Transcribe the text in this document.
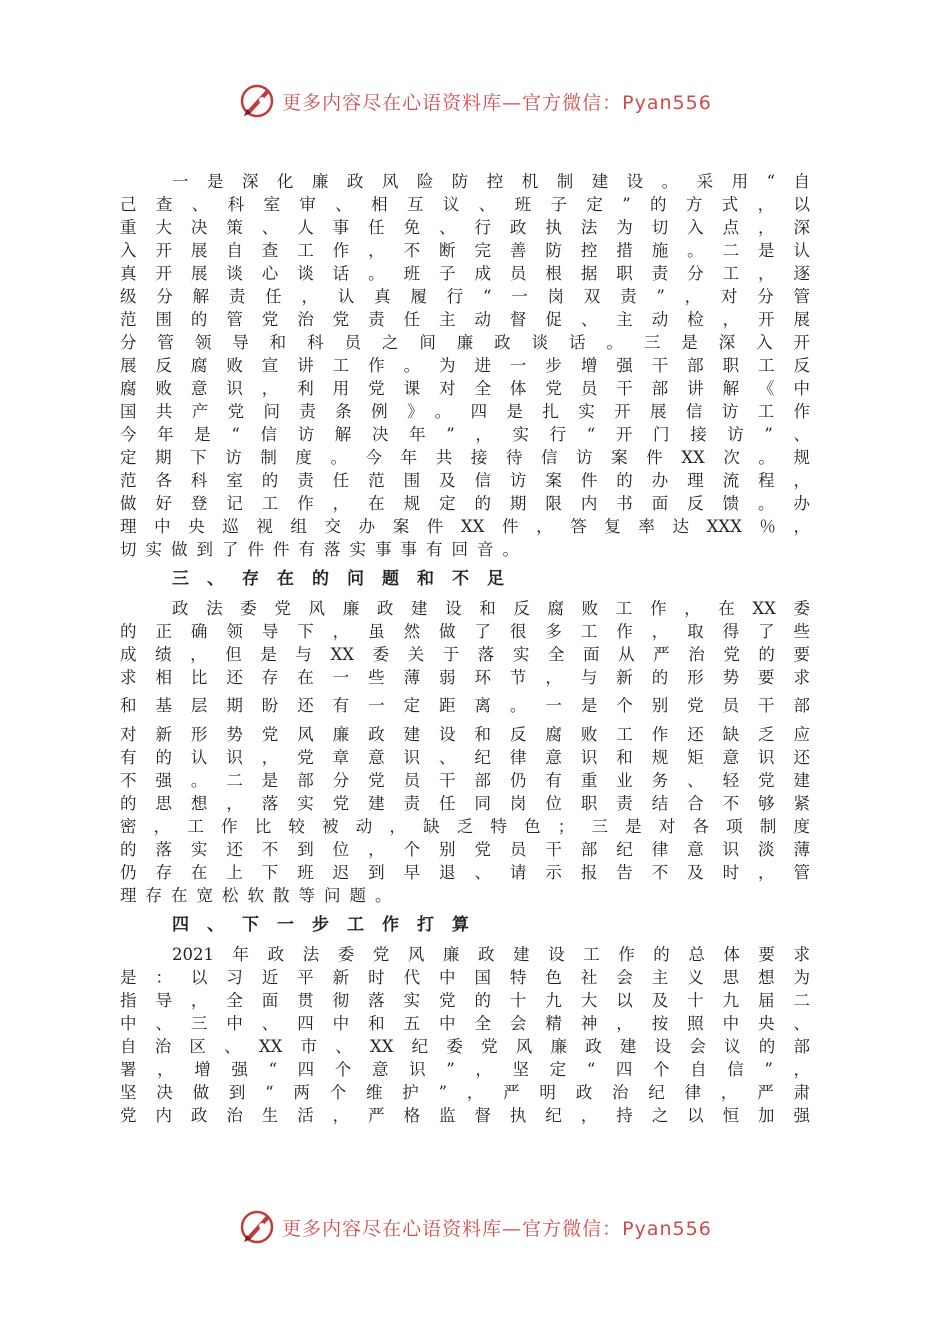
更多内容尽在心语资料库—官方微信：Pyan556
一是深化廉政风险防控机制建设。采用“自
己查、科室审、相互议、班子定”的方式，以
重大决策、人事任免、行政执法为切入点，深
入开展自查工作，不断完善防控措施。二是认
真开展谈心谈话。班子成员根据职责分工，逐
级分解责任，认真履行“一岗双责”，对分管
范围的管党治党责任主动督促、主动检，开展
分管领导和科员之间廉政谈话。三是深入开
展反腐败宣讲工作。为进一步增强干部职工反
腐败意识，利用党课对全体党员干部讲解《中
国共产党问责条例》。四是扎实开展信访工作
今年是“信访解决年”，实行“开门接访”、
定期下访制度。今年共接待信访案件XX次。规
范各科室的责任范围及信访案件的办理流程，
做好登记工作，在规定的期限内书面反馈。办
理中央巡视组交办案件XX件，答复率达XXX％，
切实做到了件件有落实事事有回音。
三、存在的问题和不足
政法委党风廉政建设和反腐败工作，在XX委
的正确领导下，虽然做了很多工作，取得了些
成绩，但是与XX委关于落实全面从严治党的要
求相比还存在一些薄弱环节，与新的形势要求
和基层期盼还有一定距离。一是个别党员干部
对新形势党风廉政建设和反腐败工作还缺乏应
有的认识，党章意识、纪律意识和规矩意识还
不强。二是部分党员干部仍有重业务、轻党建
的思想，落实党建责任同岗位职责结合不够紧
密，工作比较被动，缺乏特色；三是对各项制度
的落实还不到位，个别党员干部纪律意识淡薄
仍存在上下班迟到早退、请示报告不及时，管
理存在宽松软散等问题。
四、下一步工作打算
2021年政法委党风廉政建设工作的总体要求
是：以习近平新时代中国特色社会主义思想为
指导，全面贯彻落实党的十九大以及十九届二
中、三中、四中和五中全会精神，按照中央、
自治区、XX市、XX纪委党风廉政建设会议的部
署，增强“四个意识”，坚定“四个自信”，
坚决做到“两个维护”，严明政治纪律，严肃
党内政治生活，严格监督执纪，持之以恒加强
更多内容尽在心语资料库—官方微信：Pyan556
